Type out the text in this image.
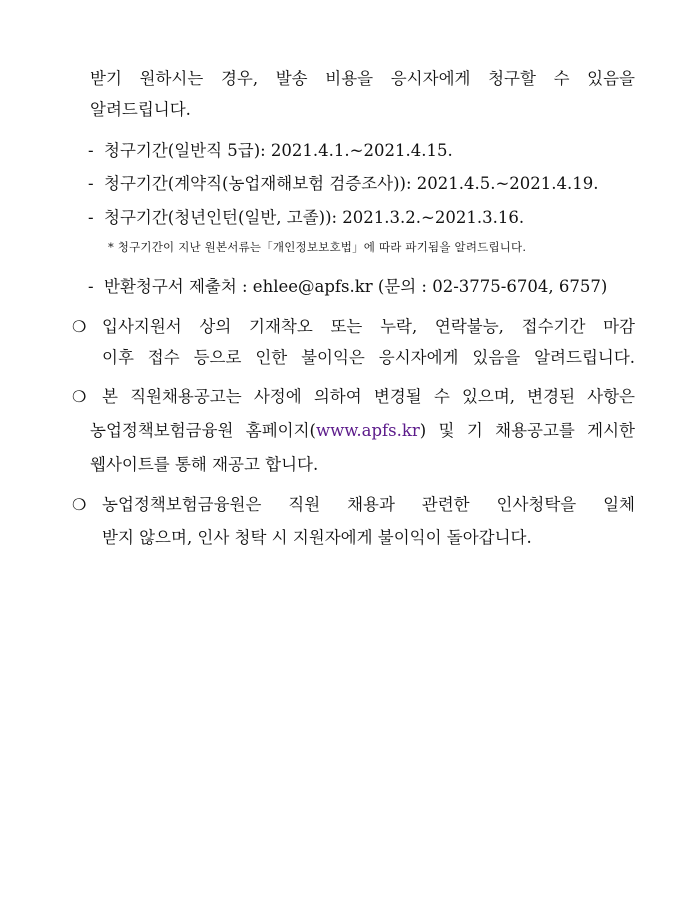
받기 원하시는 경우, 발송 비용을 응시자에게 청구할 수 있음을
알려드립니다.
- 청구기간(일반직 5급): 2021.4.1.~2021.4.15.
- 청구기간(계약직(농업재해보험 검증조사)): 2021.4.5.~2021.4.19.
- 청구기간(청년인턴(일반, 고졸)): 2021.3.2.~2021.3.16.
* 청구기간이 지난 원본서류는「개인정보보호법」에 따라 파기됨을 알려드립니다.
- 반환청구서 제출처 : ehlee@apfs.kr (문의 : 02-3775-6704, 6757)
❍ 입사지원서 상의 기재착오 또는 누락, 연락불능, 접수기간 마감
이후 접수 등으로 인한 불이익은 응시자에게 있음을 알려드립니다.
❍ 본 직원채용공고는 사정에 의하여 변경될 수 있으며, 변경된 사항은
농업정책보험금융원 홈페이지(www.apfs.kr) 및 기 채용공고를 게시한
웹사이트를 통해 재공고 합니다.
❍ 농업정책보험금융원은 직원 채용과 관련한 인사청탁을 일체
받지 않으며, 인사 청탁 시 지원자에게 불이익이 돌아갑니다.
